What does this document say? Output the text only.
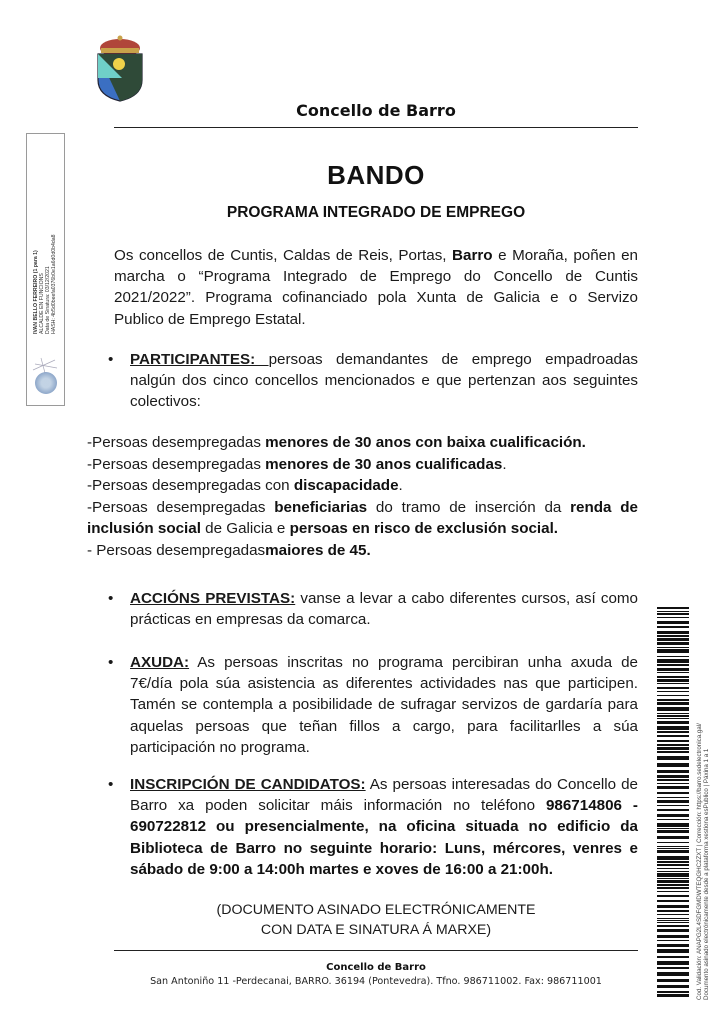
Concello de Barro
BANDO
PROGRAMA INTEGRADO DE EMPREGO
Os concellos de Cuntis, Caldas de Reis, Portas, Barro e Moraña, poñen en marcha o “Programa Integrado de Emprego do Concello de Cuntis 2021/2022”. Programa cofinanciado pola Xunta de Galicia e o Servizo Publico de Emprego Estatal.
• PARTICIPANTES: persoas demandantes de emprego empadroadas nalgún dos cinco concellos mencionados e que pertenzan aos seguintes colectivos:
-Persoas desempregadas menores de 30 anos con baixa cualificación.
-Persoas desempregadas menores de 30 anos cualificadas.
-Persoas desempregadas con discapacidade.
-Persoas desempregadas beneficiarias do tramo de inserción da renda de inclusión social de Galicia e persoas en risco de exclusión social.
- Persoas desempregadasmaiores de 45.
• ACCIÓNS PREVISTAS: vanse a levar a cabo diferentes cursos, así como prácticas en empresas da comarca.
• AXUDA: As persoas inscritas no programa percibiran unha axuda de 7€/día pola súa asistencia as diferentes actividades nas que participen. Tamén se contempla a posibilidade de sufragar servizos de gardaría para aquelas persoas que teñan fillos a cargo, para facilitarlles a súa participación no programa.
• INSCRIPCIÓN DE CANDIDATOS: As persoas interesadas do Concello de Barro xa poden solicitar máis información no teléfono 986714806 - 690722812 ou presencialmente, na oficina situada no edificio da Biblioteca de Barro no seguinte horario: Luns, mércores, venres e sábado de 9:00 a 14:00h martes e xoves de 16:00 a 21:00h.
(DOCUMENTO ASINADO ELECTRÓNICAMENTE
CON DATA E SINATURA Á MARXE)
Concello de Barro
San Antoniño 11 -Perdecanai, BARRO. 36194 (Pontevedra). Tfno. 986711002. Fax: 986711001
IVAN BELLO FERREIRO (1 para 1) ALCALDE EN FUNCIONS Data de Sinatura: 03/12/2021 HASH: 4b5d0beefa0376b0e1a6d0d0b4da8
Cod. Validación: ANAPG2L4SDFGMDWTEQGHC2ZXT | Corrección: https://barro.sedelectronica.gal/ Documento asinado electrónicamente desde a plataforma xestiona esPublico | Páxina 1 a 1
